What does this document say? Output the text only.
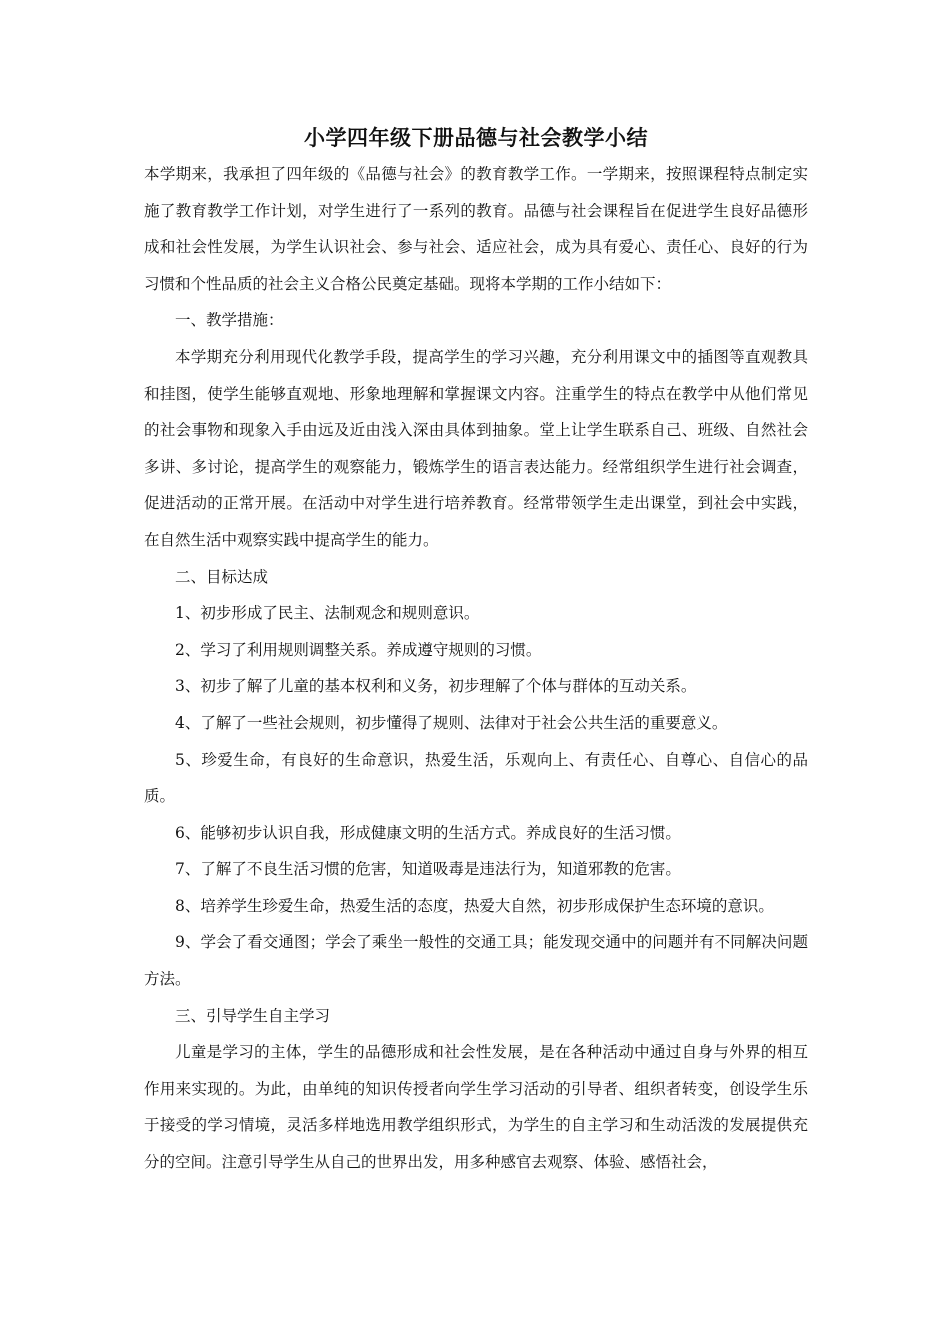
小学四年级下册品德与社会教学小结

本学期来，我承担了四年级的《品德与社会》的教育教学工作。一学期来，按照课程特点制定实施了教育教学工作计划，对学生进行了一系列的教育。品德与社会课程旨在促进学生良好品德形成和社会性发展，为学生认识社会、参与社会、适应社会，成为具有爱心、责任心、良好的行为习惯和个性品质的社会主义合格公民奠定基础。现将本学期的工作小结如下：

一、教学措施：

本学期充分利用现代化教学手段，提高学生的学习兴趣，充分利用课文中的插图等直观教具和挂图，使学生能够直观地、形象地理解和掌握课文内容。注重学生的特点在教学中从他们常见的社会事物和现象入手由远及近由浅入深由具体到抽象。堂上让学生联系自己、班级、自然社会多讲、多讨论，提高学生的观察能力，锻炼学生的语言表达能力。经常组织学生进行社会调查，促进活动的正常开展。在活动中对学生进行培养教育。经常带领学生走出课堂，到社会中实践，在自然生活中观察实践中提高学生的能力。

二、目标达成

1、初步形成了民主、法制观念和规则意识。

2、学习了利用规则调整关系。养成遵守规则的习惯。

3、初步了解了儿童的基本权利和义务，初步理解了个体与群体的互动关系。

4、了解了一些社会规则，初步懂得了规则、法律对于社会公共生活的重要意义。

5、珍爱生命，有良好的生命意识，热爱生活，乐观向上、有责任心、自尊心、自信心的品质。

6、能够初步认识自我，形成健康文明的生活方式。养成良好的生活习惯。

7、了解了不良生活习惯的危害，知道吸毒是违法行为，知道邪教的危害。

8、培养学生珍爱生命，热爱生活的态度，热爱大自然，初步形成保护生态环境的意识。

9、学会了看交通图；学会了乘坐一般性的交通工具；能发现交通中的问题并有不同解决问题方法。

三、引导学生自主学习

儿童是学习的主体，学生的品德形成和社会性发展，是在各种活动中通过自身与外界的相互作用来实现的。为此，由单纯的知识传授者向学生学习活动的引导者、组织者转变，创设学生乐于接受的学习情境，灵活多样地选用教学组织形式，为学生的自主学习和生动活泼的发展提供充分的空间。注意引导学生从自己的世界出发，用多种感官去观察、体验、感悟社会，
